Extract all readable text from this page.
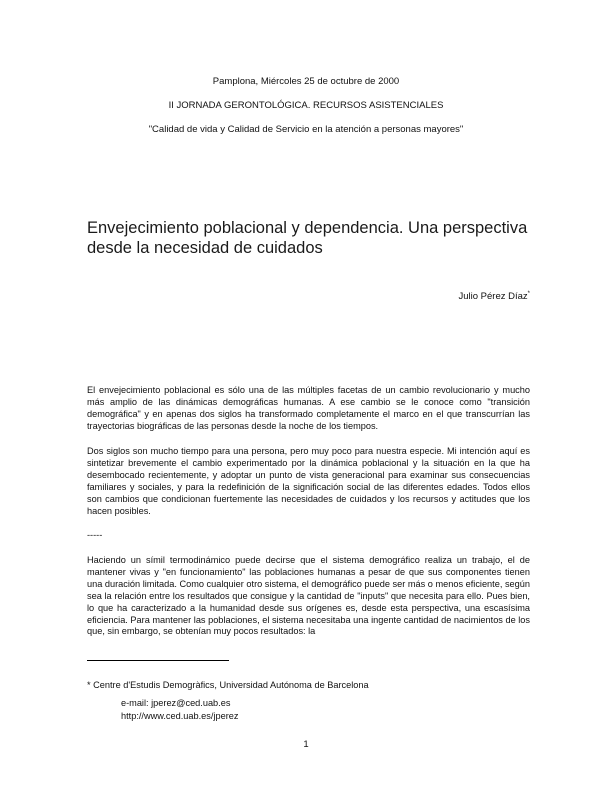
Pamplona, Miércoles 25 de octubre de 2000
II JORNADA GERONTOLÓGICA. RECURSOS ASISTENCIALES
"Calidad de vida y Calidad de Servicio en la atención a personas mayores"
Envejecimiento poblacional y dependencia. Una perspectiva desde la necesidad de cuidados
Julio Pérez Díaz*

El envejecimiento poblacional es sólo una de las múltiples facetas de un cambio revolucionario y mucho más amplio de las dinámicas demográficas humanas. A ese cambio se le conoce como "transición demográfica" y en apenas dos siglos ha transformado completamente el marco en el que transcurrían las trayectorias biográficas de las personas desde la noche de los tiempos.

Dos siglos son mucho tiempo para una persona, pero muy poco para nuestra especie. Mi intención aquí es sintetizar brevemente el cambio experimentado por la dinámica poblacional y la situación en la que ha desembocado recientemente, y adoptar un punto de vista generacional para examinar sus consecuencias familiares y sociales, y para la redefinición de la significación social de las diferentes edades. Todos ellos son cambios que condicionan fuertemente las necesidades de cuidados y los recursos y actitudes que los hacen posibles.

-----

Haciendo un símil termodinámico puede decirse que el sistema demográfico realiza un trabajo, el de mantener vivas y "en funcionamiento" las poblaciones humanas a pesar de que sus componentes tienen una duración limitada. Como cualquier otro sistema, el demográfico puede ser más o menos eficiente, según sea la relación entre los resultados que consigue y la cantidad de "inputs" que necesita para ello. Pues bien, lo que ha caracterizado a la humanidad desde sus orígenes es, desde esta perspectiva, una escasísima eficiencia. Para mantener las poblaciones, el sistema necesitaba una ingente cantidad de nacimientos de los que, sin embargo, se obtenían muy pocos resultados: la

* Centre d'Estudis Demogràfics, Universidad Autónoma de Barcelona
e-mail: jperez@ced.uab.es
http://www.ced.uab.es/jperez
1
